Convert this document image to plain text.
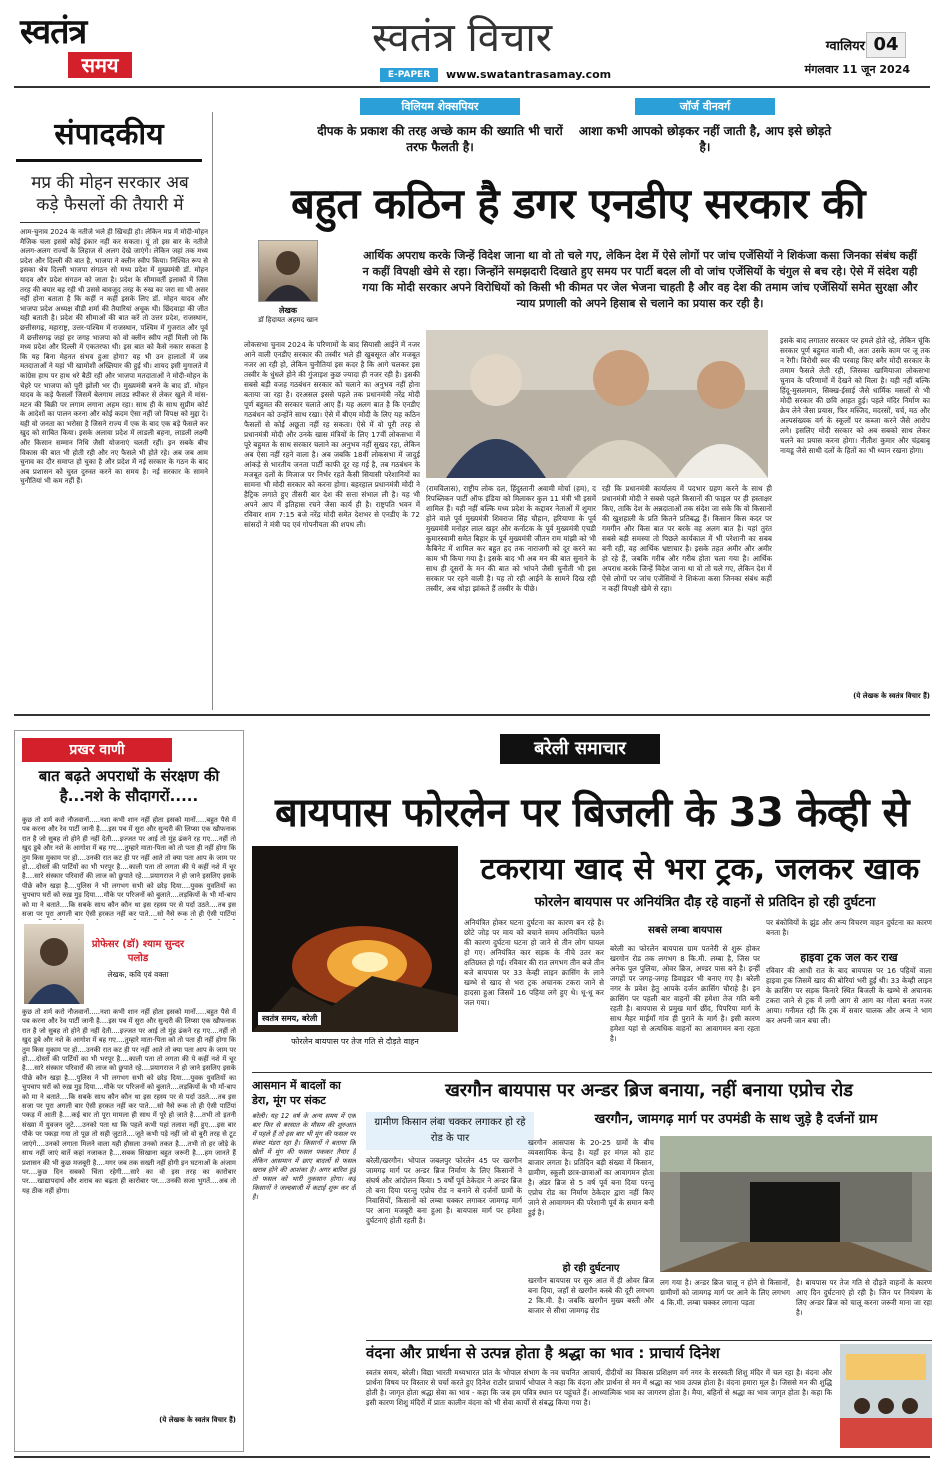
स्वतंत्र
समय
स्वतंत्र विचार
E-PAPER	www.swatantrasamay.com
ग्वालियर 04
मंगलवार 11 जून 2024
विलियम शेक्सपियर
दीपक के प्रकाश की तरह अच्छे काम की ख्याति भी चारों तरफ फैलती है।
जॉर्ज वीनवर्ग
आशा कभी आपको छोड़कर नहीं जाती है, आप इसे छोड़ते है।
संपादकीय
मप्र की मोहन सरकार अब कड़े फैसलों की तैयारी में
आम-चुनाव 2024 के नतीजे भले ही खिचड़ी हो। लेकिन मप्र में मोदी-मोहन मैजिक चला इससे कोई इंकार नहीं कर सकता। यूं तो इस बार के नतीजे अलग-अलग राज्यों के लिहाज से अलग देखे जाएंगे। लेकिन जहां तक मध्य प्रदेश और दिल्ली की बात है, भाजपा ने क्लीन स्वीप किया। निश्चित रूप से इसका श्रेय दिल्ली भाजपा संगठन सो मध्य प्रदेश में मुख्यमंत्री डॉ. मोहन यादव और प्रदेश संगठन को जाता है। प्रदेश के सीमावर्ती इलाकों में जिस तरह की बयार बह रही थी उससे बावजूद तरह के रुख का जरा सा भी असर नहीं होना बताता है कि कहीं न कहीं इसके लिए डॉ. मोहन यादव और भाजपा प्रदेश अध्यक्ष वीडी शर्मा की तैयारियां अचूक थी। छिंदवाड़ा की जीत यही बताती है। प्रदेश की सीमाओं की बात करें तो उत्तर प्रदेश, राजस्थान, छत्तीसगढ़, महाराष्ट्र, उत्तर-पश्चिम में राजस्थान, पश्चिम में गुजरात और पूर्व में छत्तीसगढ़ जहां हर जगह भाजपा को वो क्लीन स्वीप नहीं मिली जो कि मध्य प्रदेश और दिल्ली में एकतरफा थी। इस बात को कैसे नकार सकता है कि यह बिना मेहनत संभव हुआ होगा? वह भी उन हालातों में जब मतदाताओं ने यहां भी खामोशी अख्तियार की हुई थी। शायद इसी मुगालते में कांग्रेस हाथ पर हाथ धरे बैठी रही और भाजपा मतदाताओं ने मोदी-मोहन के चेहरे पर भाजपा को पूरी झोली भर दी। मुख्यमंत्री बनने के बाद डॉ. मोहन यादव के कड़े फैसलों जिसमें बेलगाम लाउड स्पीकर से लेकर खुले में मांस-मटन की बिक्री पर लगाम लगाना अहम रहा। साथ ही के साथ सुप्रीम कोर्ट के आदेशों का पालन करना और कोई कदम ऐसा नहीं जो विपक्ष को मुद्दा दे। यही वो जनता का भरोसा है जिसने राज्य में एक के बाद एक बड़े फैसले कर खुद को साबित किया। इसके अलावा प्रदेश में लाडली बहना, लाडली लक्ष्मी और किसान सम्मान निधि जैसी योजनाएं चलती रहीं। इन सबके बीच विकास की बात भी होती रही और नए फैसले भी होते रहे। अब जब आम चुनाव का दौर समाप्त हो चुका है और प्रदेश में नई सरकार के गठन के बाद अब प्रशासन को चुस्त दुरुस्त करने का समय है। नई सरकार के सामने चुनौतियां भी कम नहीं हैं।
बहुत कठिन है डगर एनडीए सरकार की
लेखक
डॉ हिदायत अहमद खान
आर्थिक अपराध करके जिन्हें विदेश जाना था वो तो चले गए, लेकिन देश में ऐसे लोगों पर जांच एजेंसियों ने शिकंजा कसा जिनका संबंध कहीं न कहीं विपक्षी खेमे से रहा। जिन्होंने समझदारी दिखाते हुए समय पर पार्टी बदल ली वो जांच एजेंसियों के चंगुल से बच रहे। ऐसे में संदेश यही गया कि मोदी सरकार अपने विरोधियों को किसी भी कीमत पर जेल भेजना चाहती है और वह देश की तमाम जांच एजेंसियों समेत सुरक्षा और न्याय प्रणाली को अपने हिसाब से चलाने का प्रयास कर रही है।
लोकसभा चुनाव 2024 के परिणामों के बाद सियासी आईने में नजर आने वाली एनडीए सरकार की तस्वीर भले ही खुबसूरत और मजबूत नजर आ रही हो, लेकिन चुनौतियां इस कदर है कि आगे चलकर इस तस्वीर के धुंधले होने की गुंजाइश कुछ ज्यादा ही नजर रही है। इसकी सबसे बड़ी वजह गठबंधन सरकार को चलाने का अनुभव नहीं होना बताया जा रहा है। दरअसल इससे पहले तक प्रधानमंत्री नरेंद्र मोदी पूर्ण बहुमत की सरकार चलाते आए हैं। यह अलग बात है कि एनडीए गठबंधन को उन्होंने साथ रखा। ऐसे में बीएम मोदी के लिए यह कठिन फैसलों से कोई अछूता नहीं रह सकता। ऐसे में वो पूरी तरह से प्रधानमंत्री मोदी और उनके खास मंत्रियों के लिए 17वीं लोकसभा में पूरे बहुमत के साथ सरकार चलाने का अनुभव नहीं सुखद रहा, लेकिन अब ऐसा नहीं रहने वाला है। अब जबकि 18वीं लोकसभा में जादुई आंकड़े से भारतीय जनता पार्टी काफी दूर रह गई है, तब गठबंधन के मजबूत दलों के मिजाज पर निर्भर रहते कैसी सियासी परेशानियों का सामना भी मोदी सरकार को करना होगा। बहरहाल प्रधानमंत्री मोदी ने हैट्रिक लगाते हुए तीसरी बार देश की सत्ता संभाल ली है। यह भी अपने आप में इतिहास रचने जैसा कार्य ही है। राष्ट्रपति भवन में रविवार शाम 7:15 बजे नरेंद्र मोदी समेत देशभर से एनडीए के 72 सांसदों ने मंत्री पद एवं गोपनीयता की शपथ ली।
(रामविलास), राष्ट्रीय लोक दल, हिंदुस्तानी अवामी मोर्चा (हम), द रिपब्लिकन पार्टी ऑफ इंडिया को मिलाकर कुल 11 मंत्री भी इसमें शामिल हैं। यही नहीं बल्कि मध्य प्रदेश के कद्दावर नेताओं में शुमार होने वाले पूर्व मुख्यमंत्री शिवराज सिंह चौहान, हरियाणा के पूर्व मुख्यमंत्री मनोहर लाल खट्टर और कर्नाटक के पूर्व मुख्यमंत्री एचडी कुमारस्वामी समेत बिहार के पूर्व मुख्यमंत्री जीतन राम मांझी को भी कैबिनेट में शामिल कर बहुत हद तक नाराजगी को दूर करने का काम भी किया गया है। इसके बाद भी अब मन की बात सुनाने के साथ ही दूसरों के मन की बात को भांपने जैसी चुनौती भी इस सरकार पर रहने वाली है। यह तो रही आईने के सामने दिख रही तस्वीर, अब थोड़ा झांकते हैं तस्वीर के पीछे।
रही कि प्रधानमंत्री कार्यालय में पदभार ग्रहण करने के साथ ही प्रधानमंत्री मोदी ने सबसे पहले किसानों की फाइल पर ही हस्ताक्षर किए, ताकि देश के अन्नदाताओं तक संदेश जा सके कि वो किसानों की खुशहाली के प्रति कितने प्रतिबद्ध हैं। किसान किस कदर पर गमगीन और किस बात पर बरके वह अलग बात है। यहां तुरंत सबसे बड़ी समस्या तो पिछले कार्यकाल में भी परेशानी का सबब बनी रही, वह आर्थिक भ्रष्टाचार है। इसके तहत अमीर और अमीर हो रहे हैं, जबकि गरीब और गरीब होता चला गया है। आर्थिक अपराध करके जिन्हें विदेश जाना था वो तो चले गए, लेकिन देश में ऐसे लोगों पर जांच एजेंसियों ने शिकंजा कसा जिनका संबंध कहीं न कहीं विपक्षी खेमे से रहा।
इसके बाद लगातार सरकार पर हमले होते रहे, लेकिन चूंकि सरकार पूर्ण बहुमत वाली थी, अतः उसके काम पर जू तक न रेंगी। विरोधी स्वर की परवाह किए बगैर मोदी सरकार के तमाम फैसले लेती रही, जिसका खामियाजा लोकसभा चुनाव के परिणामों में देखने को मिला है। यही नहीं बल्कि हिंदू-मुसलमान, सिक्ख-ईसाई जैसे धार्मिक मसलों से भी मोदी सरकार की छवि आहत हुई। पहले मंदिर निर्माण का क्रेय लेने जैसा प्रयास, फिर मस्जिद, मदरसों, चर्च, मठ और अल्पसंख्यक वर्ग के स्कूलों पर कब्जा करने जैसे आरोप लगे। इसलिए मोदी सरकार को अब सबको साथ लेकर चलने का प्रयास करना होगा। नीतीश कुमार और चंद्रबाबू नायडू जैसे साथी दलों के हितों का भी ध्यान रखना होगा।
(ये लेखक के स्वतंत्र विचार हैं)
प्रखर वाणी
बात बढ़ते अपराधों के संरक्षण की है...नशे के सौदागरों.....
कुछ तो शर्म करो नौजवानों.....नशा कभी शान नहीं होता इसको मानों.....बहुत पैसे में पब करना और रेव पार्टी जानी है....इस पब में सुरा और सुन्दरी की लिप्सा एक खौफनाक रात है जो सुबह तो होने ही नहीं देती....इज्जत पर आई तो मुंह ढंकने रह गए....नहीं तो खुद डूबे और नशे के आगोश में बह गए....तुम्हारे माता-पिता को तो पता ही नहीं होगा कि तुम किस मुकाम पर हो....उनकी रात कट ही पर नहीं आते तो क्या पता आप के जाम पर हो....दोस्तों की पार्टियों का भी भरपूर है....काली पता तो लगता की ये कहीं नशे में चूर है....सारे संस्कार परिवारों की लाज को छुपाते रहे....प्रयागराज ने हो जाने इसलिए इसके पीछे कौन खड़ा है....पुलिस ने भी लगभग सभी को छोड़ दिया....युवक युवतियों का चुपचाप घरों को रुख़ मुड़ दिया....मौके पर परिजनों को बुलाते....लड़कियों के भी माँ-बाप को मा ने बताते....कि सबके साथ कौन कौन था इस रहस्य पर से पर्दा उठते....तब इस सजा पर पूरा अगली बार ऐसी हरकत नहीं कर पाते....सो नैसे रूक तो ही ऐसी पार्टियां
प्रोफेसर (डॉ) श्याम सुन्दर पलोड
लेखक, कवि एवं वक्ता
कुछ तो शर्म करो नौजवानों.....नशा कभी शान नहीं होता इसको मानों.....बहुत पैसे में पब करना और रेव पार्टी जानी है....इस पब में सुरा और सुन्दरी की लिप्सा एक खौफनाक रात है जो सुबह तो होने ही नहीं देती....इज्जत पर आई तो मुंह ढंकने रह गए....नहीं तो खुद डूबे और नशे के आगोश में बह गए....तुम्हारे माता-पिता को तो पता ही नहीं होगा कि तुम किस मुकाम पर हो....उनकी रात कट ही पर नहीं आते तो क्या पता आप के जाम पर हो....दोस्तों की पार्टियों का भी भरपूर है....काली पता तो लगता की ये कहीं नशे में चूर है....सारे संस्कार परिवारों की लाज को छुपाते रहे....प्रयागराज ने हो जाने इसलिए इसके पीछे कौन खड़ा है....पुलिस ने भी लगभग सभी को छोड़ दिया....युवक युवतियों का चुपचाप घरों को रुख़ मुड़ दिया....मौके पर परिजनों को बुलाते....लड़कियों के भी माँ-बाप को मा ने बताते....कि सबके साथ कौन कौन था इस रहस्य पर से पर्दा उठते....तब इस सजा पर पूरा अगली बार ऐसी हरकत नहीं कर पाते....सो नैसे रूक तो ही ऐसी पार्टियां पकड़ में आती है....कई बार तो पूरा मामला ही साथ में पूरे हो जाते है....तभी तो इतनी संख्या में युवजन जुटे....उनको पता था कि पहले कभी यहां तलाश नहीं हुए....इस बार पौके पर पकड़ा गया तो पूछ तो सही जुटाते....जूते कभी पड़े नहीं जो वो बुरी तरह से टूट जाएंगे....उनको लगाता मिलने वाला यही हौसला उनको तकत है....तभी तो हर जोड़े के साथ नहीं जाएं बातें कहां नजाकत है....सबक सिखाना बहुत जरूरी है....हम जानते हैं प्रशासन की भी कुछ मजबूरी है....मगर जब तक सख्ती नहीं होगी इन घटनाओं के अंजाम पर....कुछ दिन सबको चिंता रहेगी....सारे का वो इस तरह का कारोबार पर....खाद्यापदार्थ और शराब का बढ़ता ही कारोबार पर....उनकी सजा भुगतें....अब तो यह ठीक नहीं होगा।
(ये लेखक के स्वतंत्र विचार हैं)
बरेली समाचार
बायपास फोरलेन पर बिजली के 33 केव्ही से
टकराया खाद से भरा ट्रक, जलकर खाक
फोरलेन बायपास पर अनियंत्रित दौड़ रहे वाहनों से प्रतिदिन हो रही दुर्घटना
स्वतंत्र समय, बरेली
फोरलेन बायपास पर तेज गति से दौड़ते वाहन
अनियंत्रित होकर घटना दुर्घटना का कारण बन रहे है। छोटे जोड़ पर माय को बचाने समय अनियंत्रित चलने की कारण दुर्घटना घटना हो जाने से तीन लोग घायल हो गए। अनियंत्रित कार सड़क के नीचे उतर कर क्षतिग्रस्त हो गई। रविवार की रात लगभग तीन बजे तीन बजे बायपास पर 33 केव्ही लाइन क्रासिंग के लाने खम्भे से खाद से भरा ट्रक अचानक टकरा जाने से हादसा हुआ जिसमें 16 पहिया लगे हुए थे। धू-धू कर जल गया।
सबसे लम्बा बायपास
बरेली का फोरलेन बायपास ग्राम पतनेरी से शुरू होकर खरगोन रोड तक लगभग 8 कि.मी. लम्बा है, जिस पर अनेक पुल पुलिया, ओवर ब्रिज, अण्डर पास बने है। इन्हीं जगहों पर जगह-जगह डिवाइडर भी बनाए गए है। बरेली नगर के प्रवेश हेतु आपके दर्जन क्रासिंग चौराहे है। इन क्रासिंग पर पहली बार वाहनों की हमेशा तेज गति बनी रहती है। बायपास से प्रमुख मार्ग छींद, पिपरिया मार्ग के साथ मैहर माईमाँ गांव ही पुराने के मार्ग है। इसी कारण हमेशा यहां से अत्यधिक वाहनों का आवागमन बना रहता है।
पर बंकोवियों के झुंड और अन्य विचरण वाहन दुर्घटना का कारण बनता है।
हाइवा ट्रक जल कर राख
रविवार की आधी रात के बाद बायपास पर 16 पहियों वाला हाइवा ट्रक जिसमें खाद की बोरियां भरी हुई थी। 33 केव्ही लाइन के क्रासिंग पर सड़क किनारे स्थित बिजली के खम्भे से अचानक टकरा जाने से ट्रक में लगी आग से आग का गोला बनता नजर आया। गनीमत रही कि ट्रक में सवार चालक और अन्य ने भाग कर अपनी जान बचा ली।
आसमान में बादलों का डेरा, मूंग पर संकट
बरेली। यह 12 वर्ष के अन्य समय में एक बार फिर से बरसात के मौसम की शुरुआत में पहले हैं तो इस बार भी मूंग की फसल पर संकट मंडरा रहा है। किसानों ने बताया कि खेतों में मूंग की फसल पककर तैयार है लेकिन आसमान में छाए बादलों से फसल खराब होने की आशंका है। अगर बारिश हुई तो फसल को भारी नुकसान होगा। कई किसानों ने जल्दबाजी में कटाई शुरू कर दी है।
खरगौन बायपास पर अन्डर ब्रिज बनाया, नहीं बनाया एप्रोच रोड
खरगौन, जामगढ़ मार्ग पर उपमंडी के साथ जुड़े है दर्जनों ग्राम
ग्रामीण किसान लंबा चक्कर लगाकर हो रहे रोड के पार
बरेली/खरगौन। भोपाल जबलपुर फोरलेन 45 पर खरगौन जामगढ़ मार्ग पर अन्डर ब्रिज निर्माण के लिए किसानों ने संघर्ष और आंदोलन किया। 5 वर्षों पूर्व ठेकेदार ने अन्डर ब्रिज तो बना दिया परन्तु एप्रोच रोड न बनाने से दर्जनों ग्रामों के निवासियों, किसानों को लम्बा चक्कर लगाकर जामगढ़ मार्ग पर आना मजबूरी बना हुआ है। बायपास मार्ग पर हमेशा दुर्घटनाएं होती रहती है।
खरगौन आसपास के 20-25 ग्रामों के बीच व्यवसायिक केन्द्र है। यहाँ हर मंगल को हाट बाजार लगता है। प्रतिदिन बड़ी संख्या में किसान, ग्रामीण, स्कूली छात्र-छात्राओं का आवागमन होता है। अंडर ब्रिज से 5 वर्ष पूर्व बना दिया परन्तु एप्रोच रोड का निर्माण ठेकेदार द्वारा नहीं किए जाने से आवागमन की परेशानी पूर्व के समान बनी हुई है।
हो रही दुर्घटनाए
खरगौन बायपास पर सुरु आत में ही ओवर ब्रिज बना दिया, जहाँ से खरगौन कस्बे की दूरी लगभग 2 कि.मी. है। जबकि खरगौन मुख्य बस्ती और बाजार से सीधा जामगढ़ रोड
लग गया है। अन्डर ब्रिज चालू न होने से किसानों, ग्रामीणों को जामगढ़ मार्ग पर आने के लिए लगभग 4 कि.मी. लम्बा चक्कर लगाना पड़ता
है। बायपास पर तेज गति से दौड़ते वाहनों के कारण आए दिन दुर्घटनाएं हो रही है। जिन पर नियंत्रण के लिए अन्डर ब्रिज को चालू करना जरूरी माना जा रहा है।
वंदना और प्रार्थना से उत्पन्न होता है श्रद्धा का भाव : प्राचार्य दिनेश
स्वतंत्र समय, बरेली। विद्या भारती मध्यभारत प्रांत के भोपाल संभाग के नव चयनित आचार्य, दीदीयों का विकास प्रशिक्षण वर्ग नगर के सरस्वती शिशु मंदिर में चल रहा है। वंदना और प्रार्थना विषय पर विस्तार से चर्चा करते हुए दिनेश राठौर प्राचार्य भोपाल ने कहा कि वंदना और प्रार्थना से मन में श्रद्धा का भाव उत्पन्न होता है। वंदना हमारा मूल है। जिससे मन की शुद्धि होती है। जागृत होता श्रद्धा सेवा का भाव - कहा कि जब हम पवित्र स्थान पर पहुंचते हैं। आध्यात्मिक भाव का जागरण होता है। मैया, बहिनों से श्रद्धा का भाव जागृत होता है। कहा कि इसी कारण शिशु मंदिरों में प्रातः कालीन वंदना को भी सेवा कार्यों से संबद्ध किया गया है।
